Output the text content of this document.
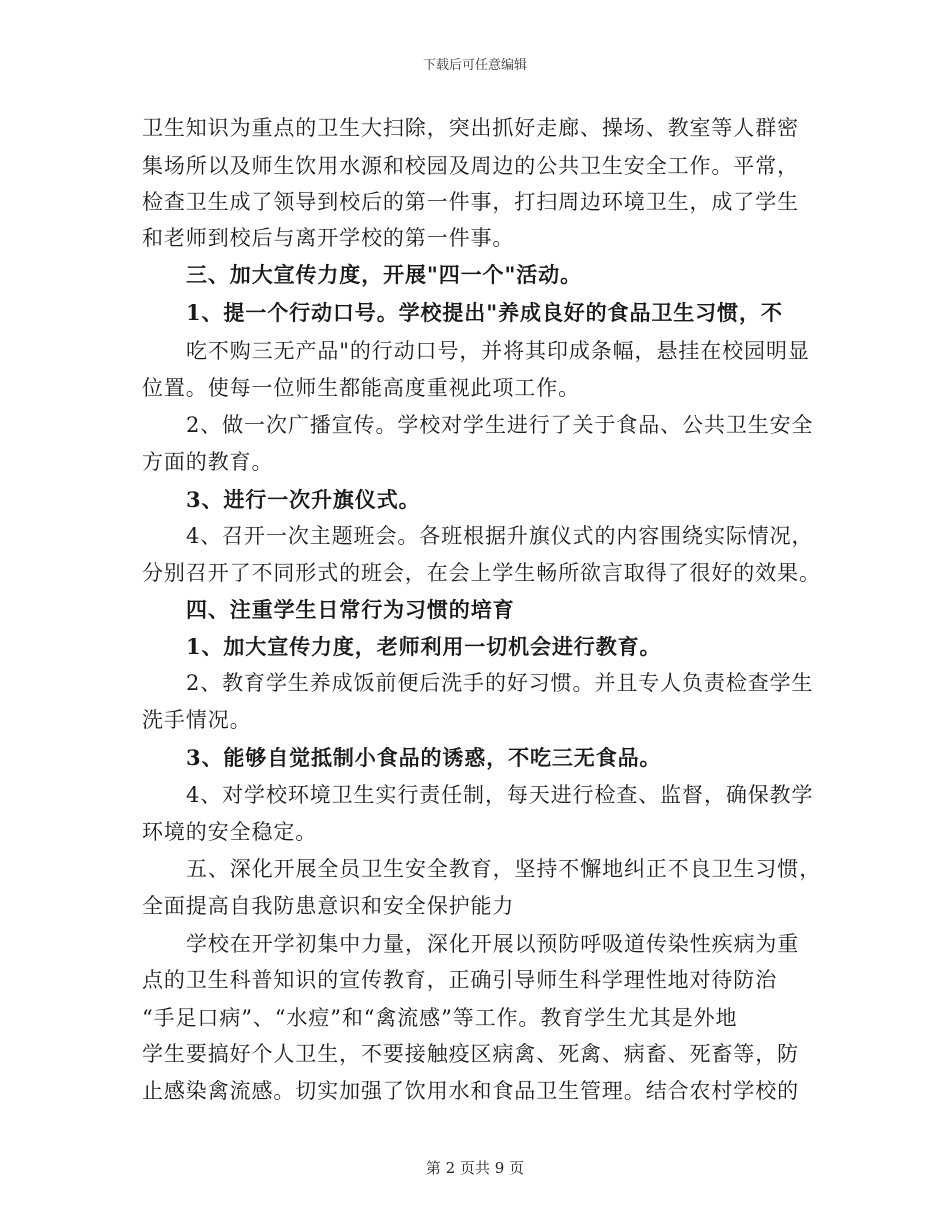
下载后可任意编辑
卫生知识为重点的卫生大扫除，突出抓好走廊、操场、教室等人群密
集场所以及师生饮用水源和校园及周边的公共卫生安全工作。平常，
检查卫生成了领导到校后的第一件事，打扫周边环境卫生，成了学生
和老师到校后与离开学校的第一件事。
三、加大宣传力度，开展"四一个"活动。
1、提一个行动口号。学校提出"养成良好的食品卫生习惯，不
吃不购三无产品"的行动口号，并将其印成条幅，悬挂在校园明显
位置。使每一位师生都能高度重视此项工作。
2、做一次广播宣传。学校对学生进行了关于食品、公共卫生安全
方面的教育。
3、进行一次升旗仪式。
4、召开一次主题班会。各班根据升旗仪式的内容围绕实际情况，
分别召开了不同形式的班会，在会上学生畅所欲言取得了很好的效果。
四、注重学生日常行为习惯的培育
1、加大宣传力度，老师利用一切机会进行教育。
2、教育学生养成饭前便后洗手的好习惯。并且专人负责检查学生
洗手情况。
3、能够自觉抵制小食品的诱惑，不吃三无食品。
4、对学校环境卫生实行责任制，每天进行检查、监督，确保教学
环境的安全稳定。
五、深化开展全员卫生安全教育，坚持不懈地纠正不良卫生习惯，
全面提高自我防患意识和安全保护能力
学校在开学初集中力量，深化开展以预防呼吸道传染性疾病为重
点的卫生科普知识的宣传教育，正确引导师生科学理性地对待防治
“手足口病”、“水痘”和“禽流感”等工作。教育学生尤其是外地
学生要搞好个人卫生，不要接触疫区病禽、死禽、病畜、死畜等，防
止感染禽流感。切实加强了饮用水和食品卫生管理。结合农村学校的
第 2 页共 9 页
